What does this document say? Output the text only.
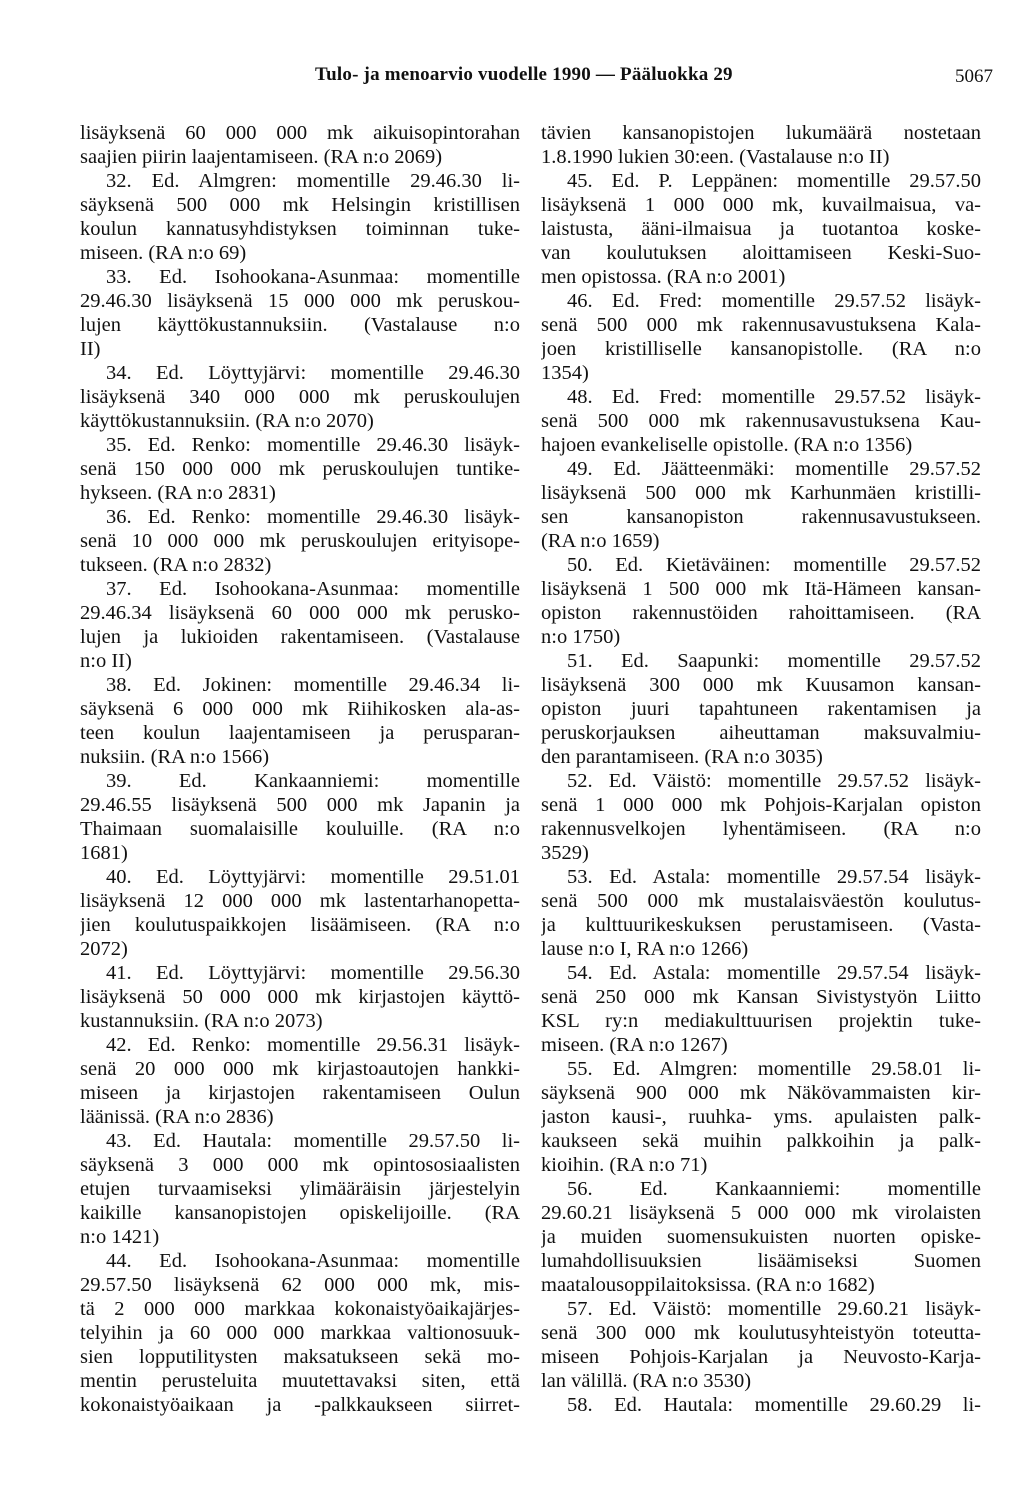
Tulo- ja menoarvio vuodelle 1990 — Pääluokka 29	5067
lisäyksenä 60 000 000 mk aikuisopintorahan
saajien piirin laajentamiseen. (RA n:o 2069)
32. Ed. Almgren: momentille 29.46.30 li-
säyksenä 500 000 mk Helsingin kristillisen
koulun kannatusyhdistyksen toiminnan tuke-
miseen. (RA n:o 69)
33. Ed. Isohookana-Asunmaa: momentille
29.46.30 lisäyksenä 15 000 000 mk peruskou-
lujen käyttökustannuksiin. (Vastalause n:o
II)
34. Ed. Löyttyjärvi: momentille 29.46.30
lisäyksenä 340 000 000 mk peruskoulujen
käyttökustannuksiin. (RA n:o 2070)
35. Ed. Renko: momentille 29.46.30 lisäyk-
senä 150 000 000 mk peruskoulujen tuntike-
hykseen. (RA n:o 2831)
36. Ed. Renko: momentille 29.46.30 lisäyk-
senä 10 000 000 mk peruskoulujen erityisope-
tukseen. (RA n:o 2832)
37. Ed. Isohookana-Asunmaa: momentille
29.46.34 lisäyksenä 60 000 000 mk perusko-
lujen ja lukioiden rakentamiseen. (Vastalause
n:o II)
38. Ed. Jokinen: momentille 29.46.34 li-
säyksenä 6 000 000 mk Riihikosken ala-as-
teen koulun laajentamiseen ja perusparan-
nuksiin. (RA n:o 1566)
39. Ed. Kankaanniemi: momentille
29.46.55 lisäyksenä 500 000 mk Japanin ja
Thaimaan suomalaisille kouluille. (RA n:o
1681)
40. Ed. Löyttyjärvi: momentille 29.51.01
lisäyksenä 12 000 000 mk lastentarhanopetta-
jien koulutuspaikkojen lisäämiseen. (RA n:o
2072)
41. Ed. Löyttyjärvi: momentille 29.56.30
lisäyksenä 50 000 000 mk kirjastojen käyttö-
kustannuksiin. (RA n:o 2073)
42. Ed. Renko: momentille 29.56.31 lisäyk-
senä 20 000 000 mk kirjastoautojen hankki-
miseen ja kirjastojen rakentamiseen Oulun
läänissä. (RA n:o 2836)
43. Ed. Hautala: momentille 29.57.50 li-
säyksenä 3 000 000 mk opintososiaalisten
etujen turvaamiseksi ylimääräisin järjestelyin
kaikille kansanopistojen opiskelijoille. (RA
n:o 1421)
44. Ed. Isohookana-Asunmaa: momentille
29.57.50 lisäyksenä 62 000 000 mk, mis-
tä 2 000 000 markkaa kokonaistyöaikajärjes-
telyihin ja 60 000 000 markkaa valtionosuuk-
sien lopputilitysten maksatukseen sekä mo-
mentin perusteluita muutettavaksi siten, että
kokonaistyöaikaan ja -palkkaukseen siirret-
tävien kansanopistojen lukumäärä nostetaan
1.8.1990 lukien 30:een. (Vastalause n:o II)
45. Ed. P. Leppänen: momentille 29.57.50
lisäyksenä 1 000 000 mk, kuvailmaisua, va-
laistusta, ääni-ilmaisua ja tuotantoa koske-
van koulutuksen aloittamiseen Keski-Suo-
men opistossa. (RA n:o 2001)
46. Ed. Fred: momentille 29.57.52 lisäyk-
senä 500 000 mk rakennusavustuksena Kala-
joen kristilliselle kansanopistolle. (RA n:o
1354)
48. Ed. Fred: momentille 29.57.52 lisäyk-
senä 500 000 mk rakennusavustuksena Kau-
hajoen evankeliselle opistolle. (RA n:o 1356)
49. Ed. Jäätteenmäki: momentille 29.57.52
lisäyksenä 500 000 mk Karhunmäen kristilli-
sen kansanopiston rakennusavustukseen.
(RA n:o 1659)
50. Ed. Kietäväinen: momentille 29.57.52
lisäyksenä 1 500 000 mk Itä-Hämeen kansan-
opiston rakennustöiden rahoittamiseen. (RA
n:o 1750)
51. Ed. Saapunki: momentille 29.57.52
lisäyksenä 300 000 mk Kuusamon kansan-
opiston juuri tapahtuneen rakentamisen ja
peruskorjauksen aiheuttaman maksuvalmiu-
den parantamiseen. (RA n:o 3035)
52. Ed. Väistö: momentille 29.57.52 lisäyk-
senä 1 000 000 mk Pohjois-Karjalan opiston
rakennusvelkojen lyhentämiseen. (RA n:o
3529)
53. Ed. Astala: momentille 29.57.54 lisäyk-
senä 500 000 mk mustalaisväestön koulutus-
ja kulttuurikeskuksen perustamiseen. (Vasta-
lause n:o I, RA n:o 1266)
54. Ed. Astala: momentille 29.57.54 lisäyk-
senä 250 000 mk Kansan Sivistystyön Liitto
KSL ry:n mediakulttuurisen projektin tuke-
miseen. (RA n:o 1267)
55. Ed. Almgren: momentille 29.58.01 li-
säyksenä 900 000 mk Näkövammaisten kir-
jaston kausi-, ruuhka- yms. apulaisten palk-
kaukseen sekä muihin palkkoihin ja palk-
kioihin. (RA n:o 71)
56. Ed. Kankaanniemi: momentille
29.60.21 lisäyksenä 5 000 000 mk virolaisten
ja muiden suomensukuisten nuorten opiske-
lumahdollisuuksien lisäämiseksi Suomen
maatalousoppilaitoksissa. (RA n:o 1682)
57. Ed. Väistö: momentille 29.60.21 lisäyk-
senä 300 000 mk koulutusyhteistyön toteutta-
miseen Pohjois-Karjalan ja Neuvosto-Karja-
lan välillä. (RA n:o 3530)
58. Ed. Hautala: momentille 29.60.29 li-
